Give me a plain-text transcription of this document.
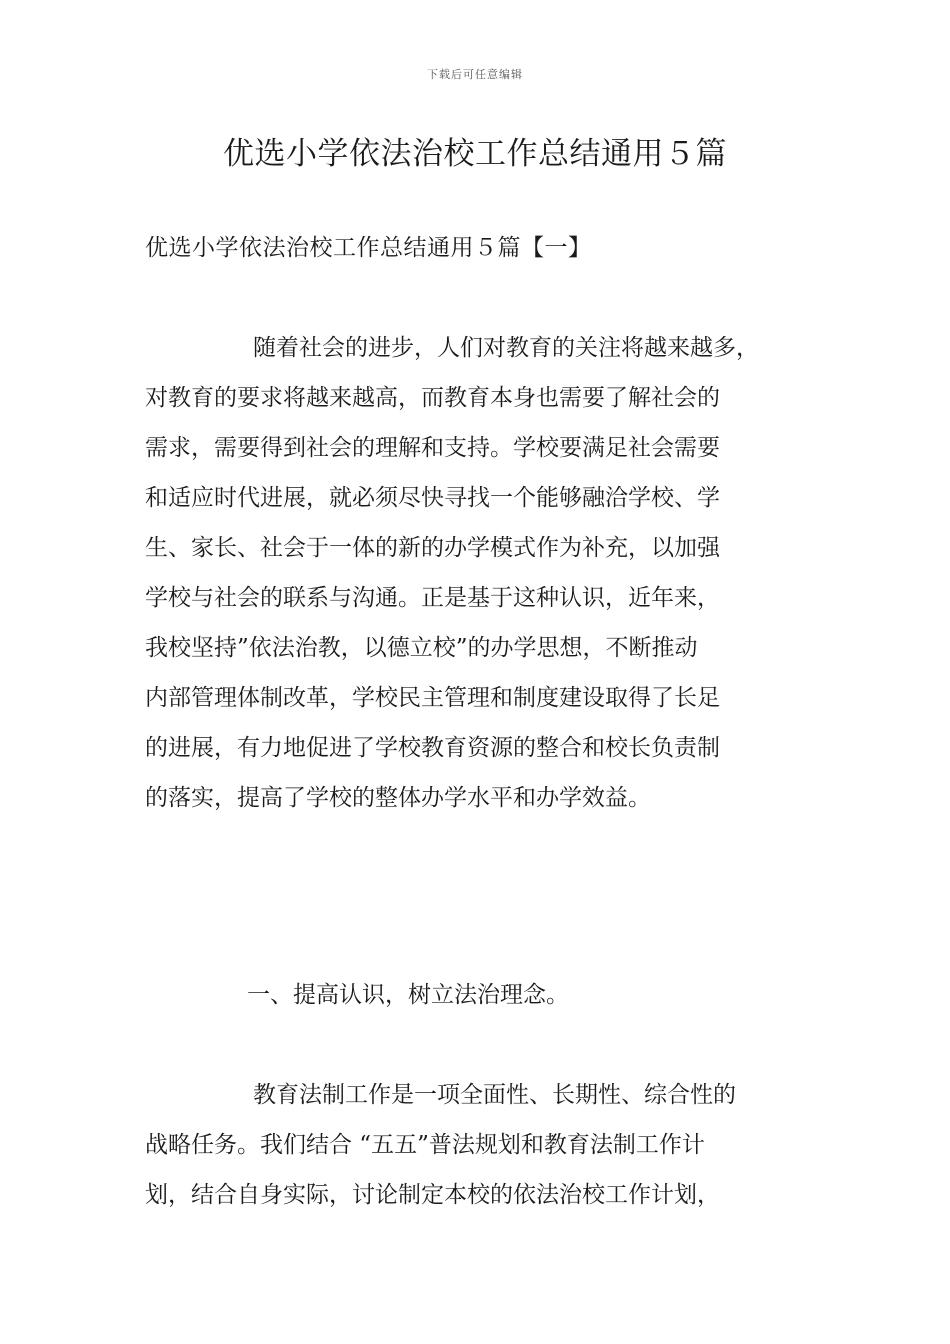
下载后可任意编辑
优选小学依法治校工作总结通用５篇
优选小学依法治校工作总结通用５篇【一】
随着社会的进步，人们对教育的关注将越来越多，
对教育的要求将越来越高，而教育本身也需要了解社会的
需求，需要得到社会的理解和支持。学校要满足社会需要
和适应时代进展，就必须尽快寻找一个能够融洽学校、学
生、家长、社会于一体的新的办学模式作为补充，以加强
学校与社会的联系与沟通。正是基于这种认识，近年来，
我校坚持”依法治教，以德立校”的办学思想，不断推动
内部管理体制改革，学校民主管理和制度建设取得了长足
的进展，有力地促进了学校教育资源的整合和校长负责制
的落实，提高了学校的整体办学水平和办学效益。
一、提高认识，树立法治理念。
教育法制工作是一项全面性、长期性、综合性的
战略任务。我们结合 “五五”普法规划和教育法制工作计
划，结合自身实际，讨论制定本校的依法治校工作计划，
